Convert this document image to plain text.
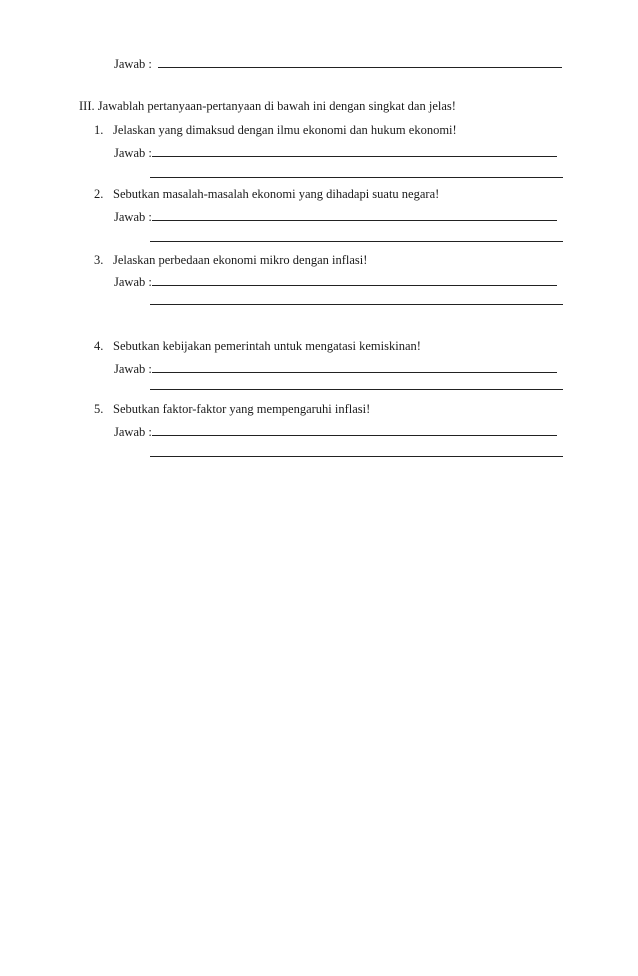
Jawab :
III. Jawablah pertanyaan-pertanyaan di bawah ini dengan singkat dan jelas!
1. Jelaskan yang dimaksud dengan ilmu ekonomi dan hukum ekonomi!
Jawab :
2. Sebutkan masalah-masalah ekonomi yang dihadapi suatu negara!
Jawab :
3. Jelaskan perbedaan ekonomi mikro dengan inflasi!
Jawab :
4. Sebutkan kebijakan pemerintah untuk mengatasi kemiskinan!
Jawab :
5. Sebutkan faktor-faktor yang mempengaruhi inflasi!
Jawab :
